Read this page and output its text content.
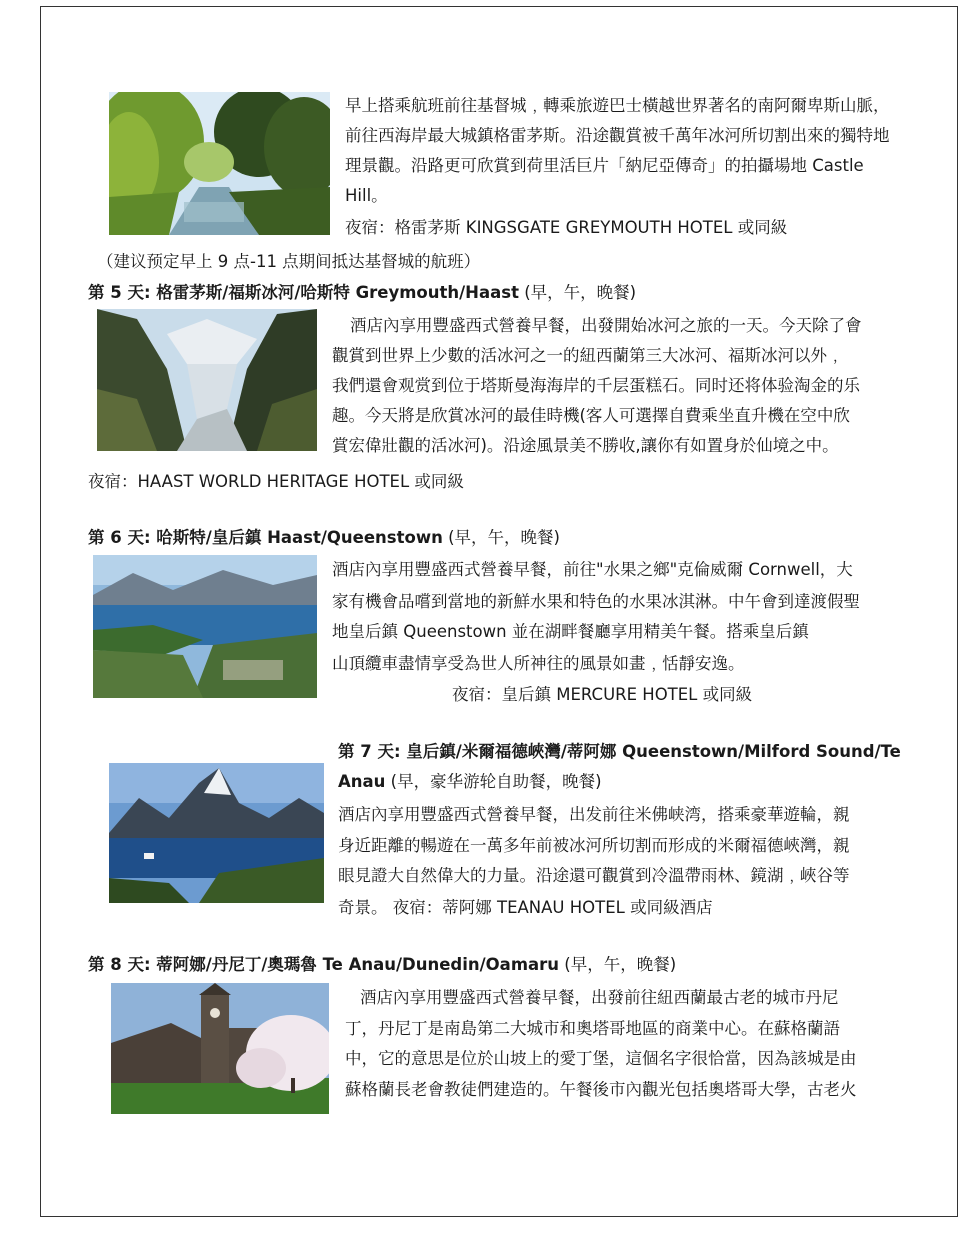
早上搭乘航班前往基督城﹐轉乘旅遊巴士橫越世界著名的南阿爾卑斯山脈，

前往西海岸最大城鎮格雷茅斯。沿途觀賞被千萬年冰河所切割出來的獨特地

理景觀。沿路更可欣賞到荷里活巨片「納尼亞傳奇」的拍攝場地 Castle

Hill。

夜宿：格雷茅斯 KINGSGATE GREYMOUTH HOTEL 或同級

（建议预定早上 9 点-11 点期间抵达基督城的航班）

第 5 天: 格雷茅斯/福斯冰河/哈斯特 Greymouth/Haast (早，午，晚餐)

酒店內享用豐盛西式營養早餐，出發開始冰河之旅的一天。今天除了會

觀賞到世界上少數的活冰河之一的紐西蘭第三大冰河、福斯冰河以外﹐

我們還會观赏到位于塔斯曼海海岸的千层蛋糕石。同时还将体验淘金的乐

趣。今天將是欣賞冰河的最佳時機(客人可選擇自費乘坐直升機在空中欣

賞宏偉壯觀的活冰河)。沿途風景美不勝收,讓你有如置身於仙境之中。

夜宿：HAAST WORLD HERITAGE HOTEL 或同級

第 6 天: 哈斯特/皇后鎮 Haast/Queenstown (早，午，晚餐)

酒店內享用豐盛西式營養早餐，前往"水果之鄉"克倫威爾 Cornwell，大

家有機會品嚐到當地的新鮮水果和特色的水果冰淇淋。中午會到達渡假聖

地皇后鎮 Queenstown 並在湖畔餐廳享用精美午餐。搭乘皇后鎮

山頂纜車盡情享受為世人所神往的風景如畫﹐恬靜安逸。

夜宿：皇后鎮 MERCURE HOTEL 或同級

第 7 天: 皇后鎮/米爾福德峽灣/蒂阿娜 Queenstown/Milford Sound/Te

Anau (早，豪华游轮自助餐，晚餐)

酒店內享用豐盛西式營養早餐，出发前往米佛峡湾，搭乘豪華遊輪，親

身近距離的暢遊在一萬多年前被冰河所切割而形成的米爾福德峽灣，親

眼見證大自然偉大的力量。沿途還可觀賞到冷溫帶雨林、鏡湖﹐峽谷等

奇景。 夜宿：蒂阿娜 TEANAU HOTEL 或同級酒店

第 8 天: 蒂阿娜/丹尼丁/奧瑪魯 Te Anau/Dunedin/Oamaru (早，午，晚餐)

酒店內享用豐盛西式營養早餐，出發前往紐西蘭最古老的城市丹尼

丁，丹尼丁是南島第二大城市和奧塔哥地區的商業中心。在蘇格蘭語

中，它的意思是位於山坡上的愛丁堡，這個名字很恰當，因為該城是由

蘇格蘭長老會教徒們建造的。午餐後市內觀光包括奧塔哥大學，古老火
